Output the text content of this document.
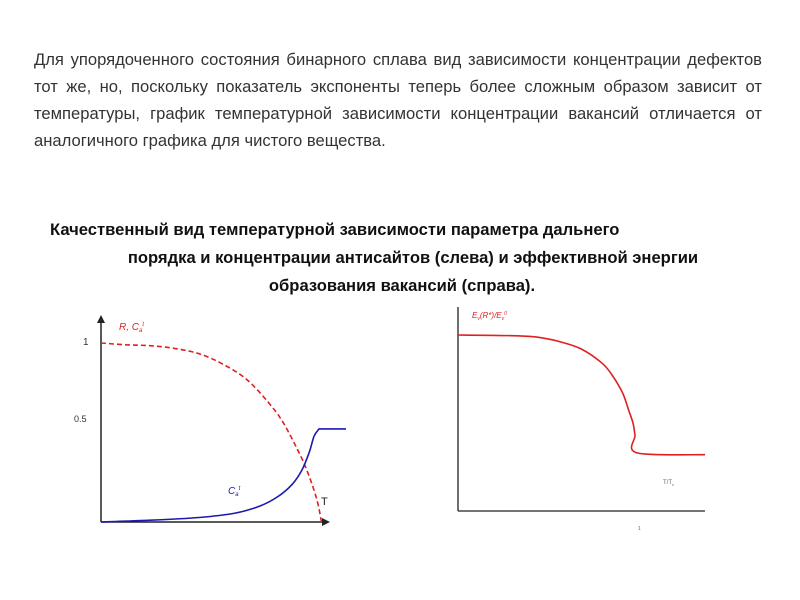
Для упорядоченного состояния бинарного сплава вид зависимости концентрации дефектов тот же, но, поскольку показатель экспоненты теперь более сложным образом зависит от температуры, график температурной зависимости концентрации вакансий отличается от аналогичного графика для чистого вещества.
Качественный вид температурной зависимости параметра дальнего
порядка и концентрации антисайтов (слева) и эффективной энергии
образования вакансий (справа).
1
0.5
R, $C_a^t$
T
$C_a^t$
$E_v(R*)/E_v^0$
$T/T_c$
1
